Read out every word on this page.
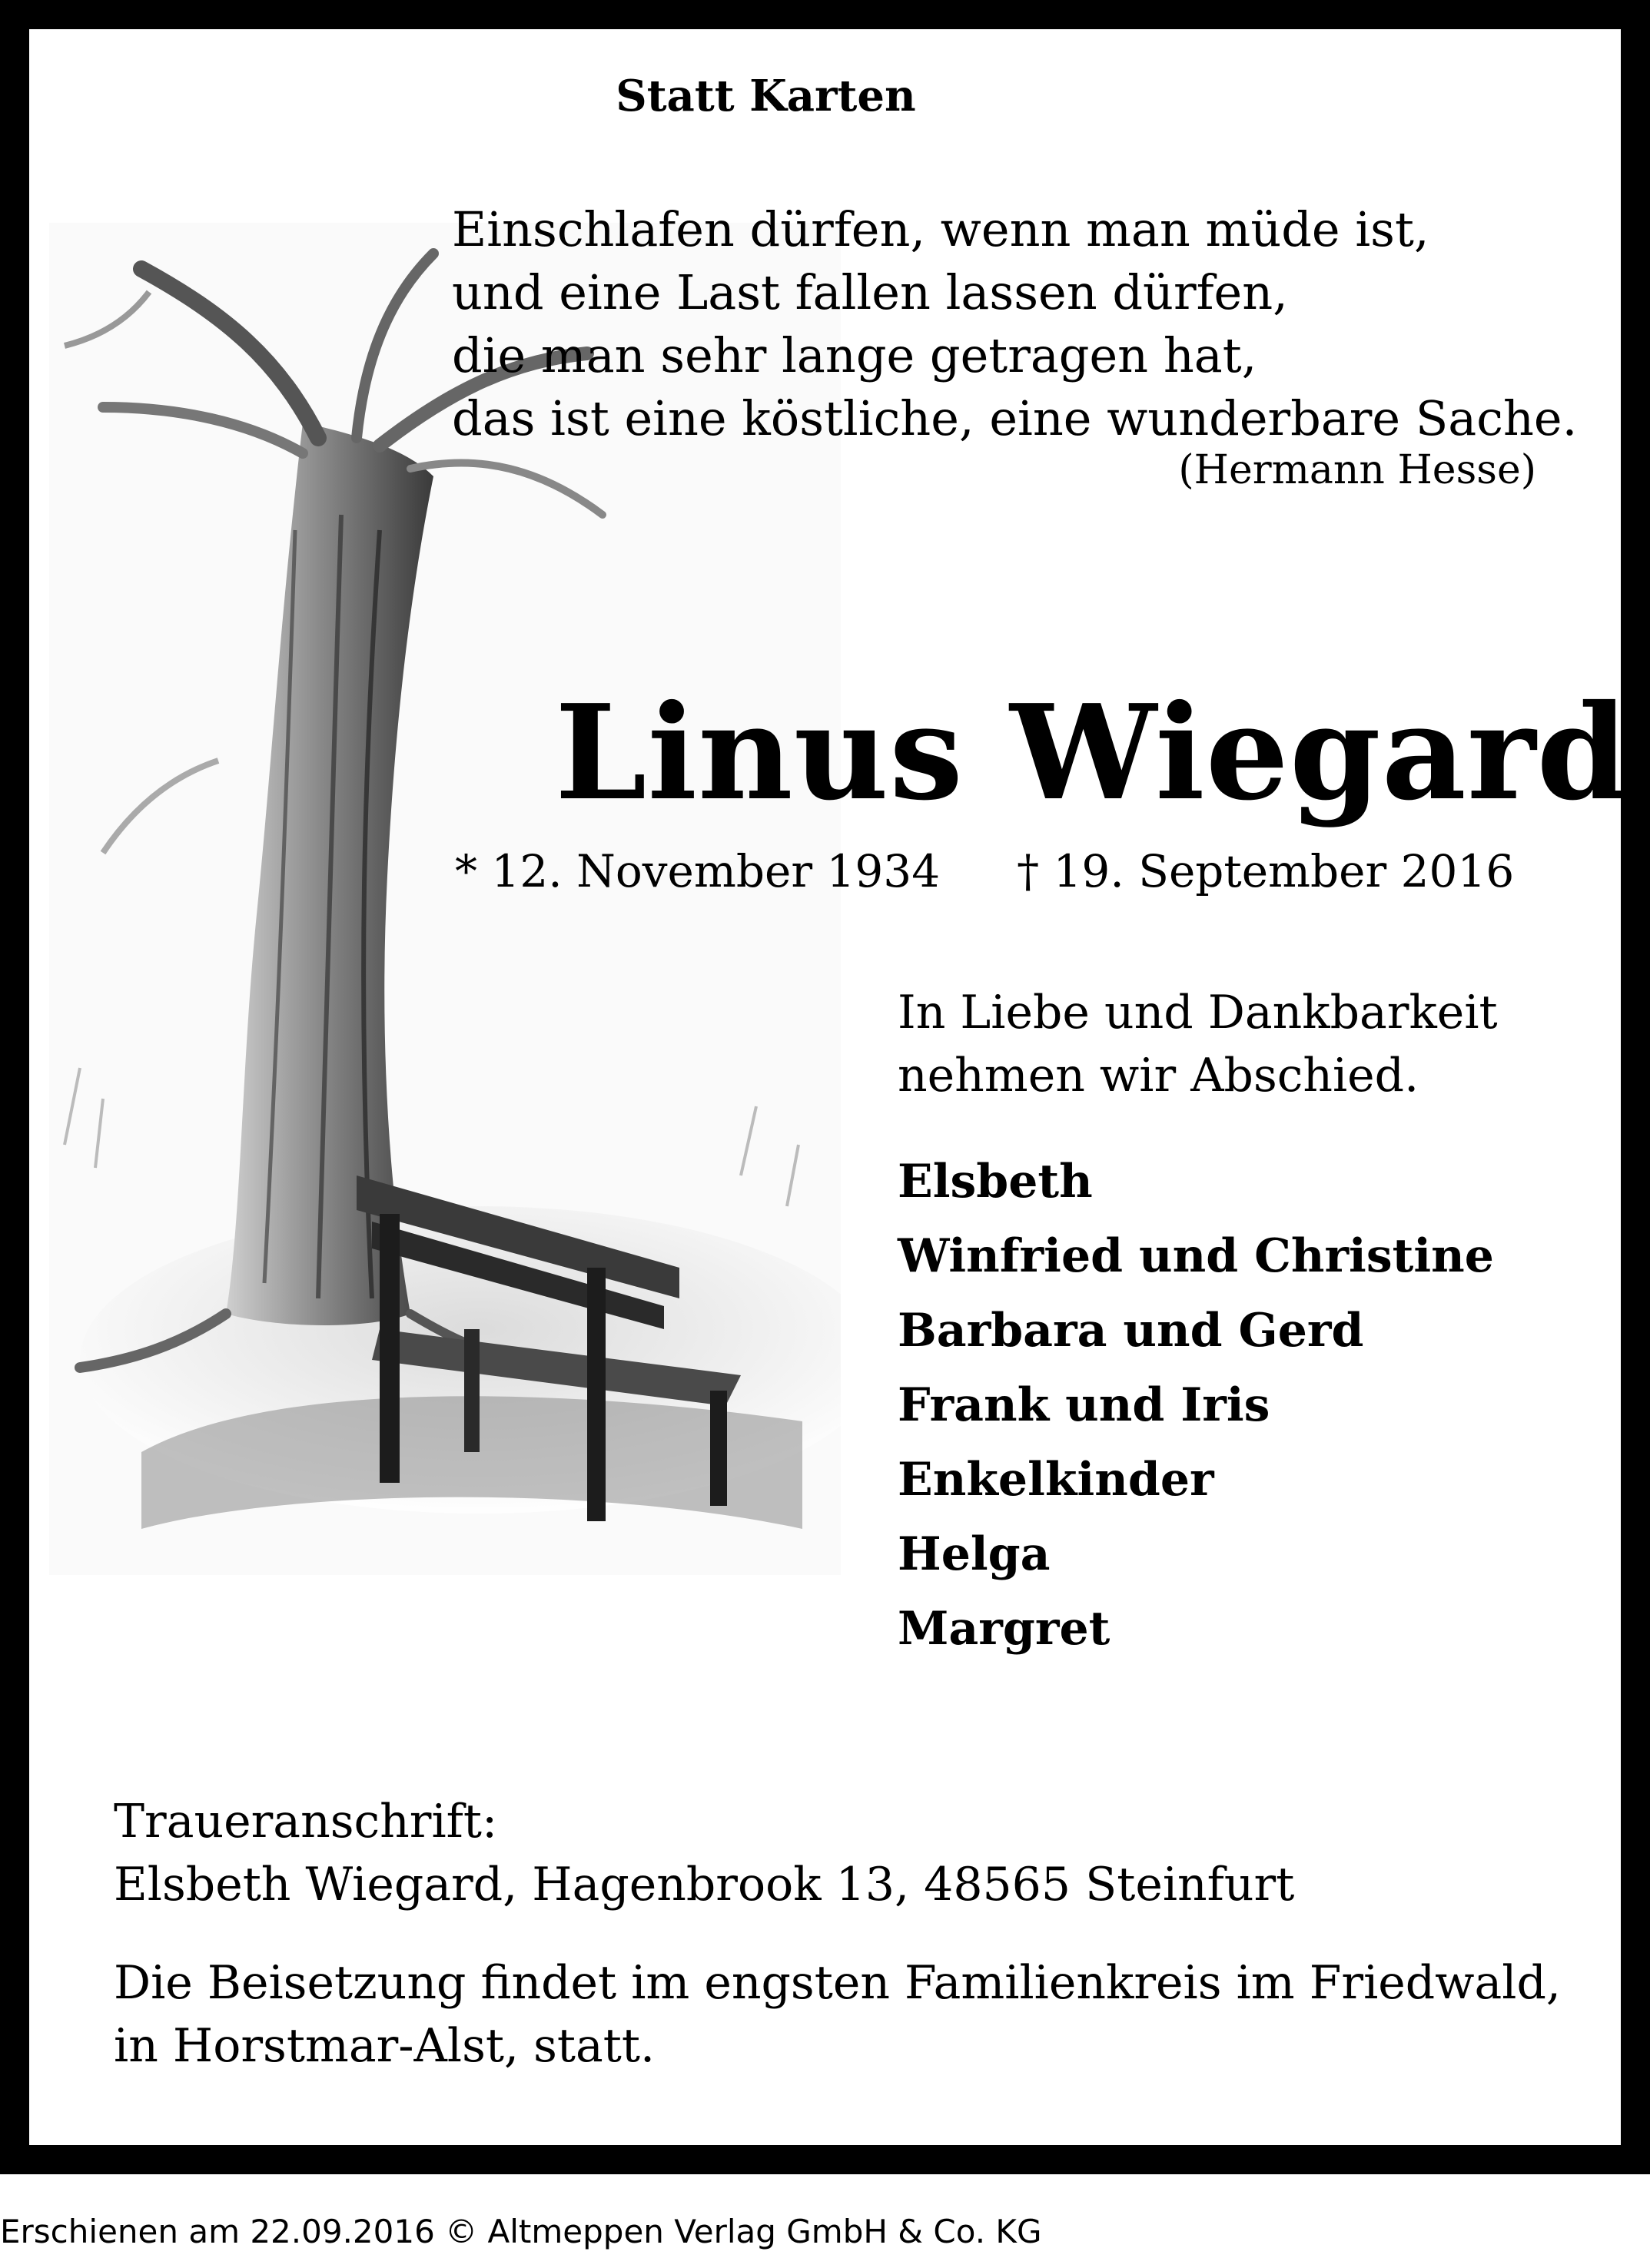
Statt Karten
Einschlafen dürfen, wenn man müde ist,
und eine Last fallen lassen dürfen,
die man sehr lange getragen hat,
das ist eine köstliche, eine wunderbare Sache.
(Hermann Hesse)
Linus Wiegard
* 12. November 1934 † 19. September 2016
In Liebe und Dankbarkeit
nehmen wir Abschied.
Elsbeth
Winfried und Christine
Barbara und Gerd
Frank und Iris
Enkelkinder
Helga
Margret
Traueranschrift:
Elsbeth Wiegard, Hagenbrook 13, 48565 Steinfurt
Die Beisetzung findet im engsten Familienkreis im Friedwald,
in Horstmar-Alst, statt.
Erschienen am 22.09.2016 © Altmeppen Verlag GmbH & Co. KG
